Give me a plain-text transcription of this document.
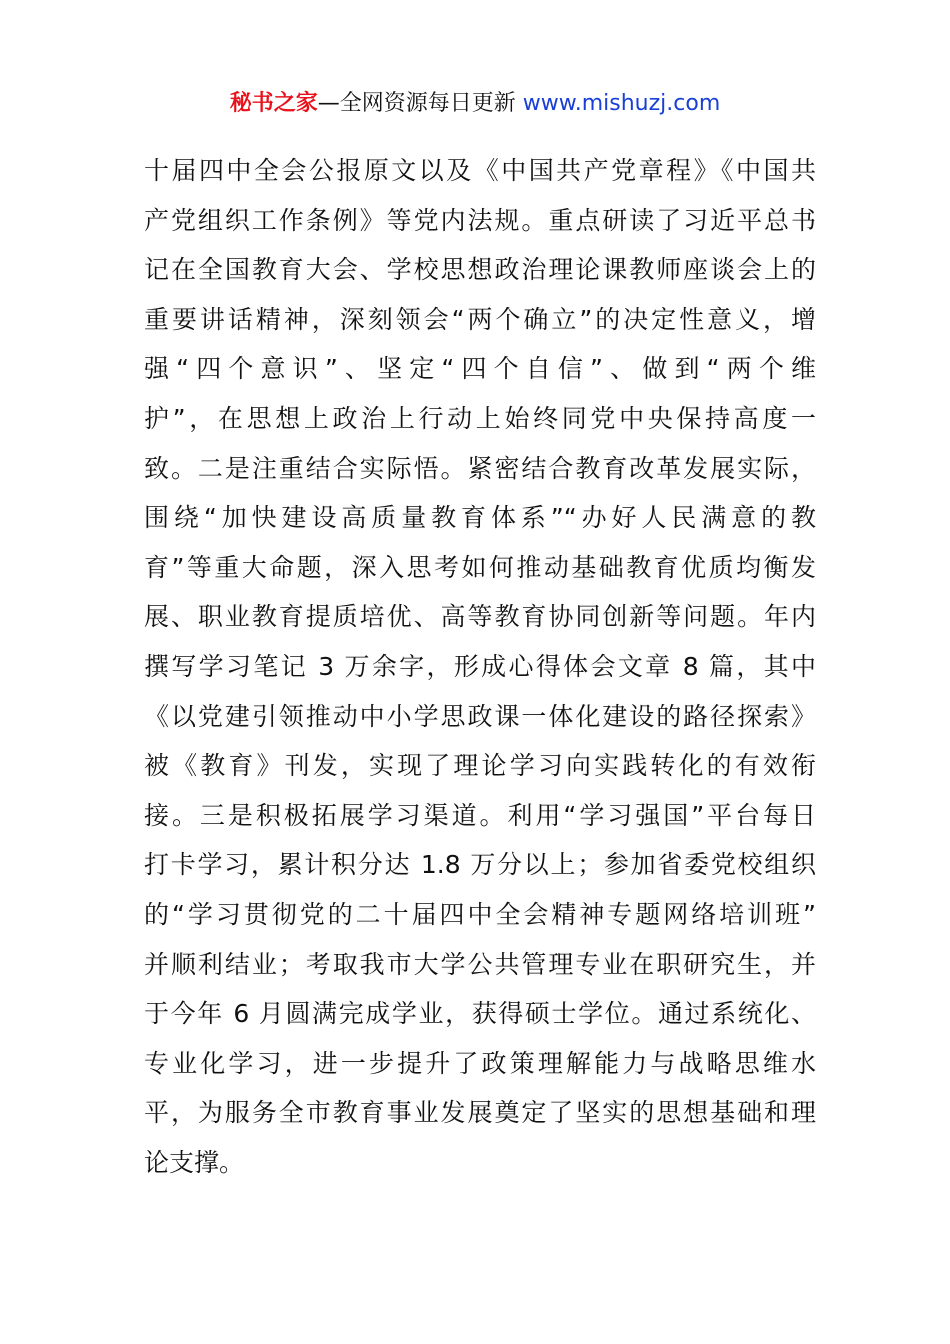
秘书之家—全网资源每日更新 www.mishuzj.com
十届四中全会公报原文以及《中国共产党章程》《中国共
产党组织工作条例》等党内法规。重点研读了习近平总书
记在全国教育大会、学校思想政治理论课教师座谈会上的
重要讲话精神，深刻领会“两个确立”的决定性意义，增
强“四个意识”、坚定“四个自信”、做到“两个维
护”，在思想上政治上行动上始终同党中央保持高度一
致。二是注重结合实际悟。紧密结合教育改革发展实际，
围绕“加快建设高质量教育体系”“办好人民满意的教
育”等重大命题，深入思考如何推动基础教育优质均衡发
展、职业教育提质培优、高等教育协同创新等问题。年内
撰写学习笔记 3 万余字，形成心得体会文章 8 篇，其中
《以党建引领推动中小学思政课一体化建设的路径探索》
被《教育》刊发，实现了理论学习向实践转化的有效衔
接。三是积极拓展学习渠道。利用“学习强国”平台每日
打卡学习，累计积分达 1.8 万分以上；参加省委党校组织
的“学习贯彻党的二十届四中全会精神专题网络培训班”
并顺利结业；考取我市大学公共管理专业在职研究生，并
于今年 6 月圆满完成学业，获得硕士学位。通过系统化、
专业化学习，进一步提升了政策理解能力与战略思维水
平，为服务全市教育事业发展奠定了坚实的思想基础和理
论支撑。
